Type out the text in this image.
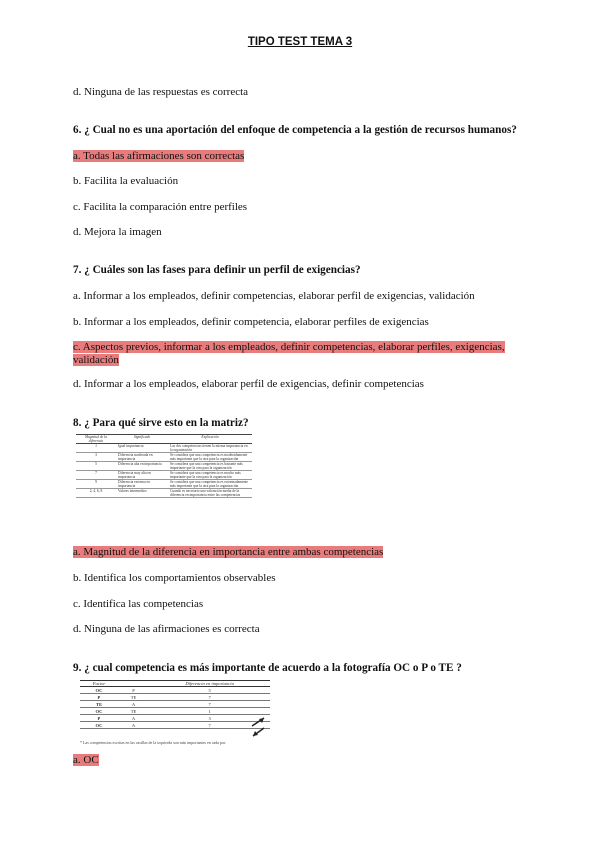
TIPO TEST TEMA 3
d. Ninguna de las respuestas es correcta
6. ¿ Cual no es una aportación del enfoque de competencia a la gestión de recursos humanos?
a. Todas las afirmaciones son correctas
b. Facilita la evaluación
c. Facilita la comparación entre perfiles
d. Mejora la imagen
7. ¿ Cuáles son las fases para definir un perfil de exigencias?
a. Informar a los empleados, definir competencias, elaborar perfil de exigencias, validación
b. Informar a los empleados, definir competencia, elaborar perfiles de exigencias
c. Aspectos previos, informar a los empleados, definir competencias, elaborar perfiles, exigencias, validación
d. Informar a los empleados, elaborar perfil de exigencias, definir competencias
8. ¿ Para qué sirve esto en la matriz?
Magnitud de la diferencia	Significado	Explicación
1	Igual importancia	Las dos competencias tienen la misma importancia en la organización
3	Diferencia moderada en importancia	Se considera que una competencia es moderadamente más importante que la otra para la organización
5	Diferencia alta en importancia	Se considera que una competencia es bastante más importante que la otra para la organización
7	Diferencia muy alta en importancia	Se considera que una competencia es mucho más importante que la otra para la organización
9	Diferencia extrema en importancia	Se considera que una competencia es extremadamente más importante que la otra para la organización
2, 4, 6, 8	Valores intermedios	Cuando es necesario una valoración media de la diferencia en importancia entre las competencias
a. Magnitud de la diferencia en importancia entre ambas competencias
b. Identifica los comportamientos observables
c. Identifica las competencias
d. Ninguna de las afirmaciones es correcta
9. ¿ cual competencia es más importante de acuerdo a la fotografía OC o P o TE ?
Factor		Diferencia en importancia
OC	P	5
P	TE	7
TE	A	7
OC	TE	1
P	A	3
OC	A	7
* Las competencias escritas en las casillas de la izquierda son más importantes en cada par.
a. OC
